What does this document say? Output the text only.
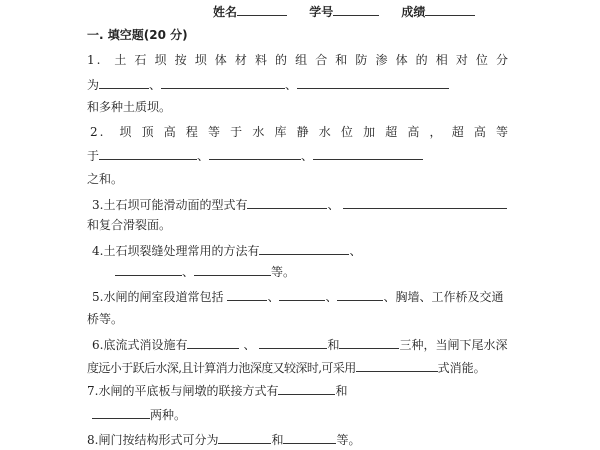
姓名	学号	成绩
一. 填空题(20 分)
1. 土石坝按坝体材料的组合和防渗体的相对位分
为	、	、
和多种土质坝。
2. 坝顶高程等于水库静水位加超高，超高等
于	、	、
之和。
3.土石坝可能滑动面的型式有	、
和复合滑裂面。
4.土石坝裂缝处理常用的方法有	、
、	等。
5.水闸的闸室段道常包括	、	、	、胸墙、工作桥及交通
桥等。
6.底流式消设施有	、	和	三种，当闸下尾水深
度远小于跃后水深,且计算消力池深度又较深时,可采用	式消能。
7.水闸的平底板与闸墩的联接方式有	和
两种。
8.闸门按结构形式可分为	和	等。
